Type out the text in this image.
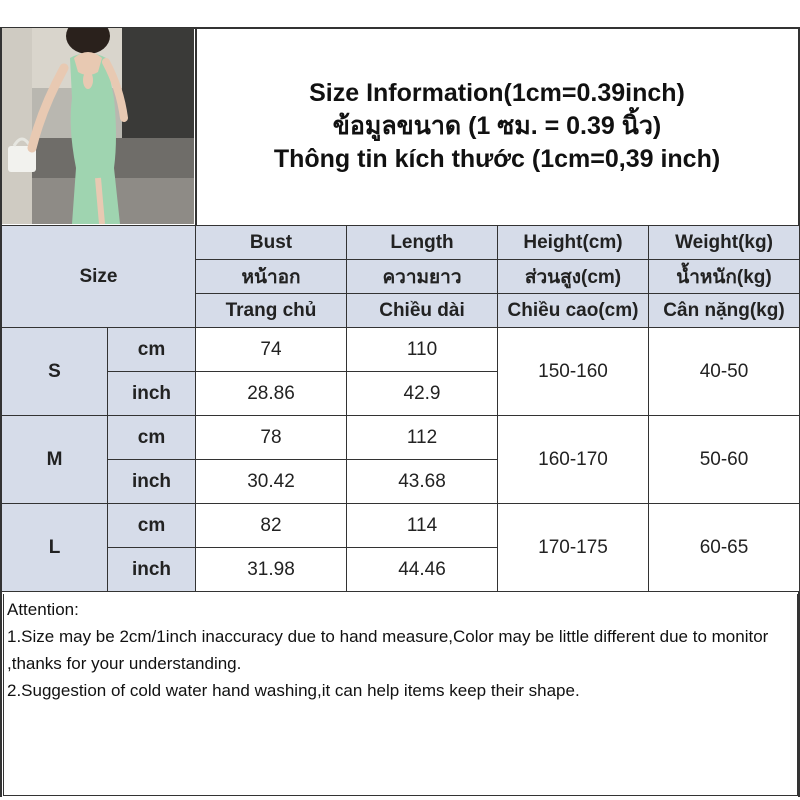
Size Information(1cm=0.39inch)
ข้อมูลขนาด (1 ซม. = 0.39 นิ้ว)
Thông tin kích thước (1cm=0,39 inch)
Size		Bust	Length	Height(cm)	Weight(kg)
		หน้าอก	ความยาว	ส่วนสูง(cm)	น้ำหนัก(kg)
		Trang chủ	Chiều dài	Chiều cao(cm)	Cân nặng(kg)
S	cm	74	110	150-160	40-50
	inch	28.86	42.9		
M	cm	78	112	160-170	50-60
	inch	30.42	43.68		
L	cm	82	114	170-175	60-65
	inch	31.98	44.46		
Attention:
1.Size may be 2cm/1inch inaccuracy due to hand measure,Color may be little different due to monitor ,thanks for your understanding.
2.Suggestion of cold water hand washing,it can help items keep their shape.
